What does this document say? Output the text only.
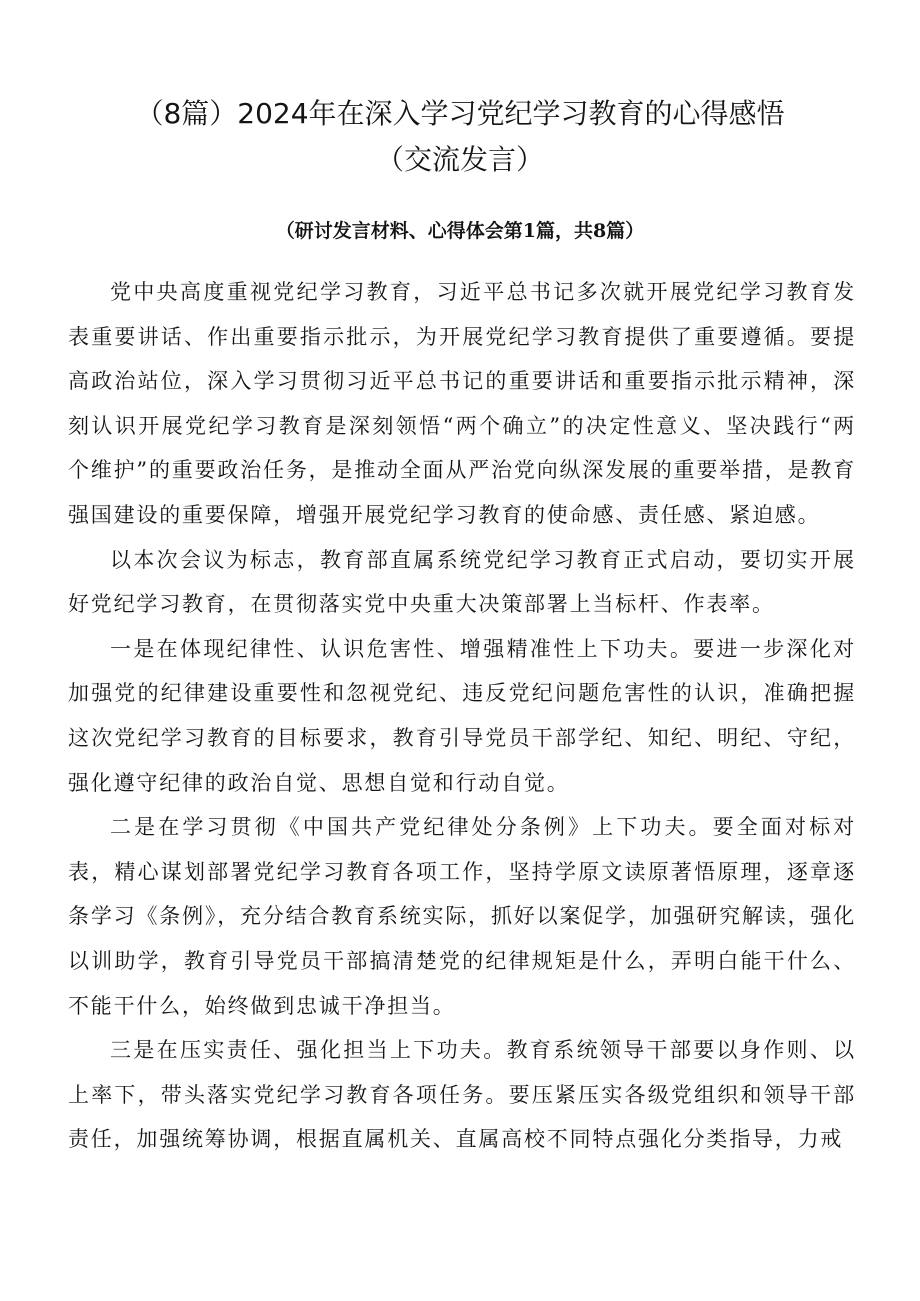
（8篇）2024年在深入学习党纪学习教育的心得感悟
（交流发言）
（研讨发言材料、心得体会第1篇，共8篇）

党中央高度重视党纪学习教育，习近平总书记多次就开展党纪学习教育发表重要讲话、作出重要指示批示，为开展党纪学习教育提供了重要遵循。要提高政治站位，深入学习贯彻习近平总书记的重要讲话和重要指示批示精神，深刻认识开展党纪学习教育是深刻领悟“两个确立”的决定性意义、坚决践行“两个维护”的重要政治任务，是推动全面从严治党向纵深发展的重要举措，是教育强国建设的重要保障，增强开展党纪学习教育的使命感、责任感、紧迫感。

以本次会议为标志，教育部直属系统党纪学习教育正式启动，要切实开展好党纪学习教育，在贯彻落实党中央重大决策部署上当标杆、作表率。

一是在体现纪律性、认识危害性、增强精准性上下功夫。要进一步深化对加强党的纪律建设重要性和忽视党纪、违反党纪问题危害性的认识，准确把握这次党纪学习教育的目标要求，教育引导党员干部学纪、知纪、明纪、守纪，强化遵守纪律的政治自觉、思想自觉和行动自觉。

二是在学习贯彻《中国共产党纪律处分条例》上下功夫。要全面对标对表，精心谋划部署党纪学习教育各项工作，坚持学原文读原著悟原理，逐章逐条学习《条例》，充分结合教育系统实际，抓好以案促学，加强研究解读，强化以训助学，教育引导党员干部搞清楚党的纪律规矩是什么，弄明白能干什么、不能干什么，始终做到忠诚干净担当。

三是在压实责任、强化担当上下功夫。教育系统领导干部要以身作则、以上率下，带头落实党纪学习教育各项任务。要压紧压实各级党组织和领导干部责任，加强统筹协调，根据直属机关、直属高校不同特点强化分类指导，力戒
